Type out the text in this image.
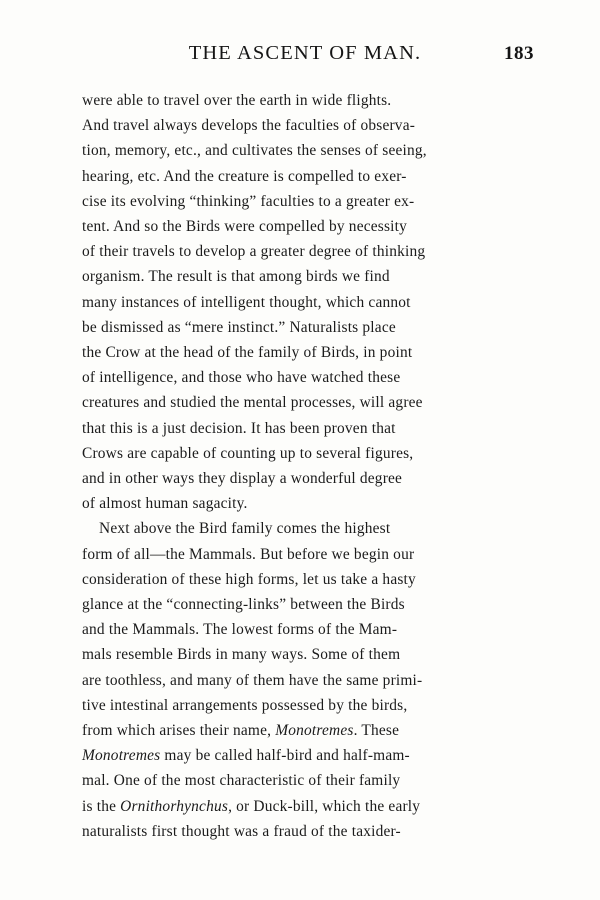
THE ASCENT OF MAN.	183

were able to travel over the earth in wide flights.
And travel always develops the faculties of observa-
tion, memory, etc., and cultivates the senses of seeing,
hearing, etc. And the creature is compelled to exer-
cise its evolving “thinking” faculties to a greater ex-
tent. And so the Birds were compelled by necessity
of their travels to develop a greater degree of thinking
organism. The result is that among birds we find
many instances of intelligent thought, which cannot
be dismissed as “mere instinct.” Naturalists place
the Crow at the head of the family of Birds, in point
of intelligence, and those who have watched these
creatures and studied the mental processes, will agree
that this is a just decision. It has been proven that
Crows are capable of counting up to several figures,
and in other ways they display a wonderful degree
of almost human sagacity.

Next above the Bird family comes the highest
form of all—the Mammals. But before we begin our
consideration of these high forms, let us take a hasty
glance at the “connecting-links” between the Birds
and the Mammals. The lowest forms of the Mam-
mals resemble Birds in many ways. Some of them
are toothless, and many of them have the same primi-
tive intestinal arrangements possessed by the birds,
from which arises their name, Monotremes. These
Monotremes may be called half-bird and half-mam-
mal. One of the most characteristic of their family
is the Ornithorhynchus, or Duck-bill, which the early
naturalists first thought was a fraud of the taxider-
